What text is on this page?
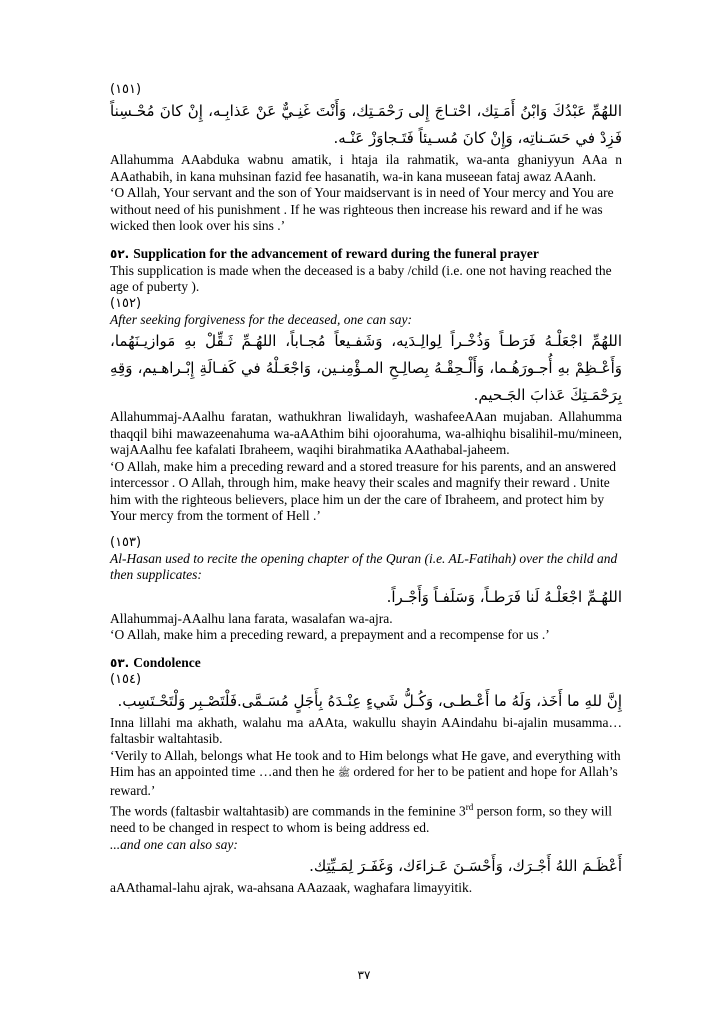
(١٥١)
اللهُمِّ عَبْدُكَ وَابْنُ أَمَـتِك، احْتـاجَ إِلى رَحْمَـتِك، وَأَنْتَ غَنِـيٌّ عَنْ عَذابِـه، إِنْ كانَ مُحْـسِناً فَزِدْ في حَسَـناتِه، وَإِنْ كانَ مُسـيئاً فَتَـجاوَزْ عَنْـه.
Allahumma AAabduka wabnu amatik, i htaja ila rahmatik, wa-anta ghaniyyun AAa n AAathabih, in kana muhsinan fazid fee hasanatih, wa-in kana museean fataj awaz AAanh.
‘O Allah, Your servant and the son of Your maidservant is in need of Your mercy and You are without need of his punishment . If he was righteous then increase his reward and if he was wicked then look over his sins .’
٥٢. Supplication for the advancement of reward during the funeral prayer
This supplication is made when the deceased is a baby /child (i.e. one not having reached the age of puberty ).
(١٥٢)
After seeking forgiveness for the deceased, one can say:
اللهُمِّ اجْعَلْـهُ فَرَطـاً وَذُخْـراً لِوالِـدَيه، وَشَفـيعاً مُجـاباً، اللهُـمِّ ثَـقِّلْ بهِ مَوازيـنَهُما، وَأَعْـظِمْ بهِ أُجـورَهُـما، وَأَلْـحِقْـهُ بِصالِـحِ المـؤْمِنـين، وَاجْعَـلْهُ في كَفـالَةِ إِبْـراهـيم، وَقِهِ بِرَحْمَـتِكَ عَذابَ الجَـحيم.
Allahummaj-AAalhu faratan, wathukhran liwalidayh, washafeeAAan mujaban. Allahumma thaqqil bihi mawazeenahuma wa-aAAthim bihi ojoorahuma, wa-alhiqhu bisalihil-mu/mineen, wajAAalhu fee kafalati Ibraheem, waqihi birahmatika AAathabal-jaheem.
‘O Allah, make him a preceding reward and a stored treasure for his parents, and an answered intercessor . O Allah, through him, make heavy their scales and magnify their reward . Unite him with the righteous believers, place him un der the care of Ibraheem, and protect him by Your mercy from the torment of Hell .’
(١٥٣)
Al-Hasan used to recite the opening chapter of the Quran (i.e. AL-Fatihah) over the child and then supplicates:
اللهُـمِّ اجْعَلْـهُ لَنا فَرَطـاً، وَسَلَفـاً وَأَجْـراً.
Allahummaj-AAalhu lana farata, wasalafan wa-ajra.
‘O Allah, make him a preceding reward, a prepayment and a recompense for us .’
٥٣. Condolence
(١٥٤)
إِنَّ للهِ ما أَخَذ، وَلَهُ ما أَعْـطـى، وَكُـلُّ شَيءٍ عِنْـدَهُ بِأَجَلٍ مُسَـمَّى.فَلْتَصْـبِر وَلْتَحْـتَسِب.
Inna lillahi ma akhath, walahu ma aAAta, wakullu shayin AAindahu bi-ajalin musamma…faltasbir waltahtasib.
‘Verily to Allah, belongs what He took and to Him belongs what He gave, and everything with Him has an appointed time …and then he ﷺ ordered for her to be patient and hope for Allah’s reward.’
The words (faltasbir waltahtasib) are commands in the feminine 3rd person form, so they will need to be changed in respect to whom is being address ed.
...and one can also say:
أَعْظَـمَ اللهُ أَجْـرَك، وَأَحْسَـنَ عَـزاءَك، وَغَفَـرَ لِمَـيِّتِك.
aAAthamal-lahu ajrak, wa-ahsana AAazaak, waghafara limayyitik.
٣٧
